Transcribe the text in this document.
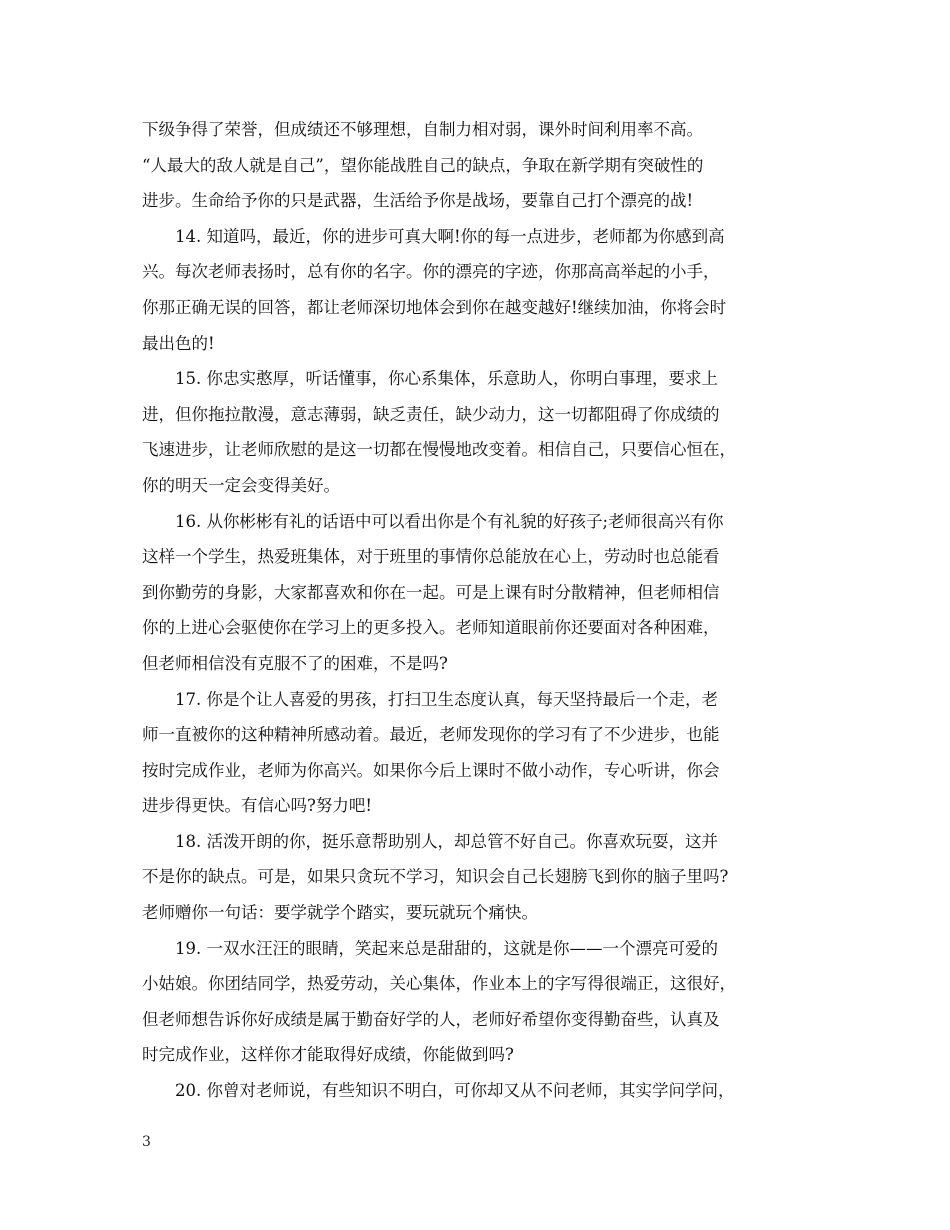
下级争得了荣誉，但成绩还不够理想，自制力相对弱，课外时间利用率不高。
“人最大的敌人就是自己”，望你能战胜自己的缺点，争取在新学期有突破性的
进步。生命给予你的只是武器，生活给予你是战场，要靠自己打个漂亮的战!
14. 知道吗，最近，你的进步可真大啊!你的每一点进步，老师都为你感到高
兴。每次老师表扬时，总有你的名字。你的漂亮的字迹，你那高高举起的小手，
你那正确无误的回答，都让老师深切地体会到你在越变越好!继续加油，你将会时
最出色的!
15. 你忠实憨厚，听话懂事，你心系集体，乐意助人，你明白事理，要求上
进，但你拖拉散漫，意志薄弱，缺乏责任，缺少动力，这一切都阻碍了你成绩的
飞速进步，让老师欣慰的是这一切都在慢慢地改变着。相信自己，只要信心恒在，
你的明天一定会变得美好。
16. 从你彬彬有礼的话语中可以看出你是个有礼貌的好孩子;老师很高兴有你
这样一个学生，热爱班集体，对于班里的事情你总能放在心上，劳动时也总能看
到你勤劳的身影，大家都喜欢和你在一起。可是上课有时分散精神，但老师相信
你的上进心会驱使你在学习上的更多投入。老师知道眼前你还要面对各种困难，
但老师相信没有克服不了的困难，不是吗?
17. 你是个让人喜爱的男孩，打扫卫生态度认真，每天坚持最后一个走，老
师一直被你的这种精神所感动着。最近，老师发现你的学习有了不少进步，也能
按时完成作业，老师为你高兴。如果你今后上课时不做小动作，专心听讲，你会
进步得更快。有信心吗?努力吧!
18. 活泼开朗的你，挺乐意帮助别人，却总管不好自己。你喜欢玩耍，这并
不是你的缺点。可是，如果只贪玩不学习，知识会自己长翅膀飞到你的脑子里吗?
老师赠你一句话：要学就学个踏实，要玩就玩个痛快。
19. 一双水汪汪的眼睛，笑起来总是甜甜的，这就是你——一个漂亮可爱的
小姑娘。你团结同学，热爱劳动，关心集体，作业本上的字写得很端正，这很好，
但老师想告诉你好成绩是属于勤奋好学的人，老师好希望你变得勤奋些，认真及
时完成作业，这样你才能取得好成绩，你能做到吗?
20. 你曾对老师说，有些知识不明白，可你却又从不问老师，其实学问学问，
3
